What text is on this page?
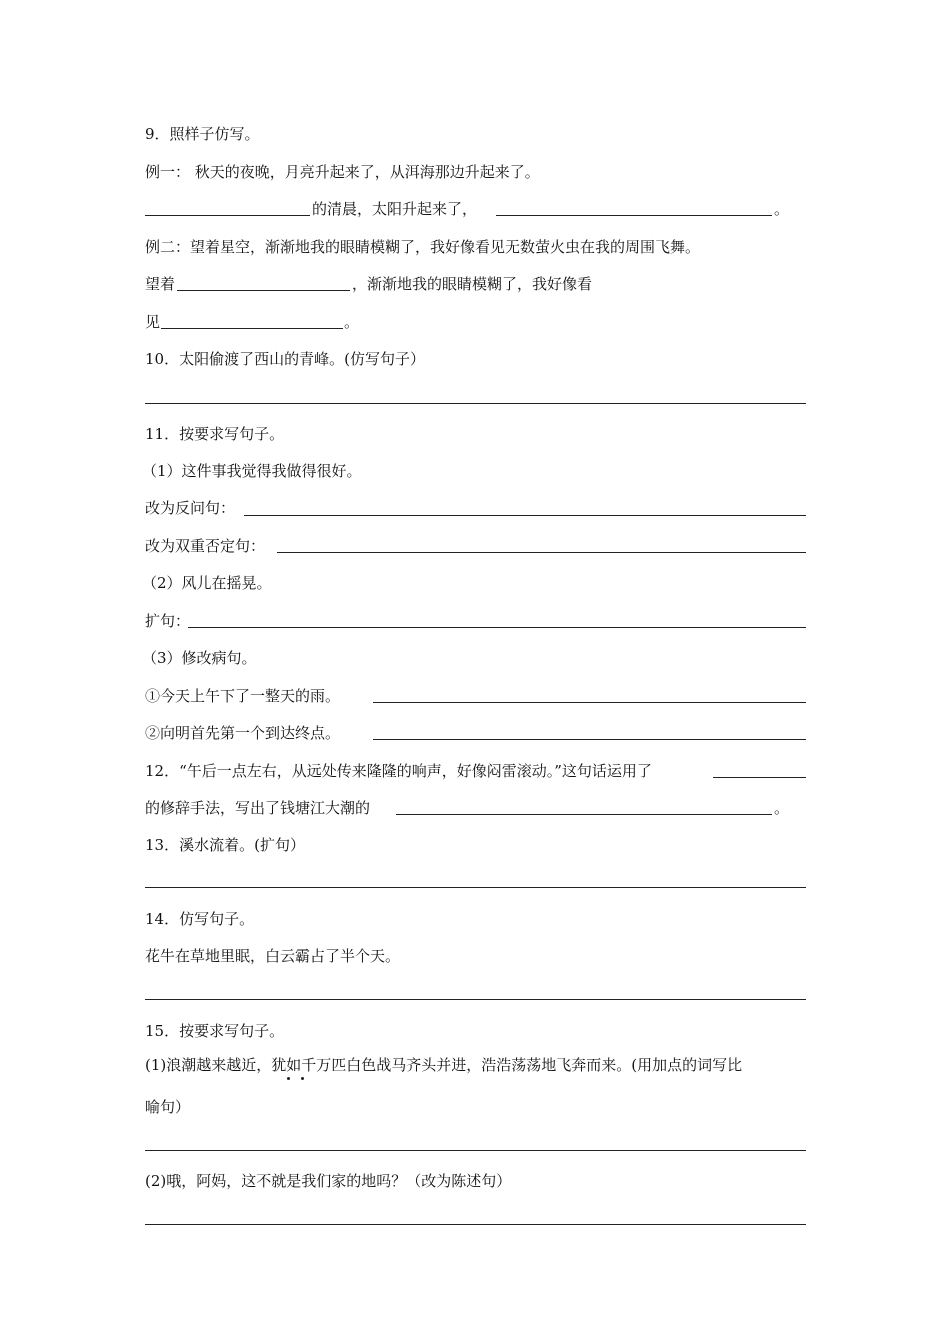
9．照样子仿写。
例一： 秋天的夜晚，月亮升起来了，从洱海那边升起来了。
的清晨，太阳升起来了，	。
例二：望着星空，渐渐地我的眼睛模糊了，我好像看见无数萤火虫在我的周围飞舞。
望着	，渐渐地我的眼睛模糊了，我好像看
见	。
10．太阳偷渡了西山的青峰。(仿写句子）
11．按要求写句子。
（1）这件事我觉得我做得很好。
改为反问句：
改为双重否定句：
（2）风儿在摇晃。
扩句：
（3）修改病句。
①今天上午下了一整天的雨。
②向明首先第一个到达终点。
12．“午后一点左右，从远处传来隆隆的响声，好像闷雷滚动。”这句话运用了
的修辞手法，写出了钱塘江大潮的	。
13．溪水流着。(扩句）
14．仿写句子。
花牛在草地里眠，白云霸占了半个天。
15．按要求写句子。
(1)浪潮越来越近，犹如千万匹白色战马齐头并进，浩浩荡荡地飞奔而来。(用加点的词写比
喻句）
(2)哦，阿妈，这不就是我们家的地吗？（改为陈述句）
